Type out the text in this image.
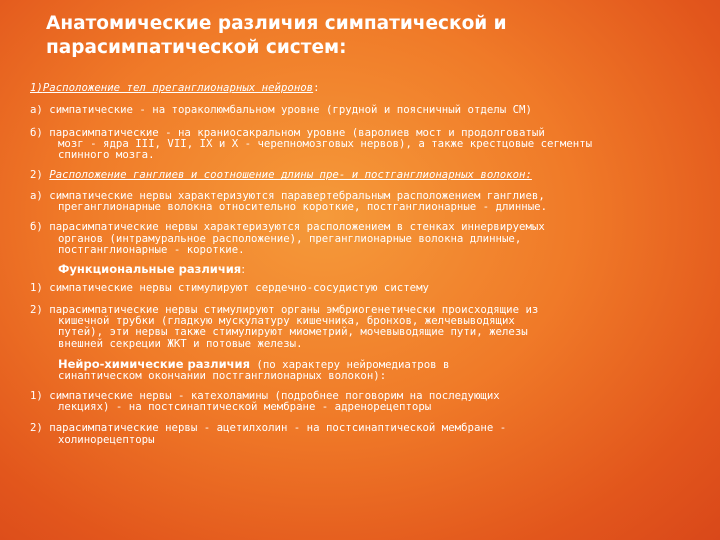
Анатомические различия симпатической и
парасимпатической систем:
1)Расположение тел преганглионарных нейронов:
а) симпатические - на тораколюмбальном уровне (грудной и поясничный отделы СМ)
б) парасимпатические - на краниосакральном уровне (варолиев мост и продолговатый
мозг - ядра III, VII, IX и X - черепномозговых нервов), а также крестцовые сегменты
спинного мозга.
2) Расположение ганглиев и соотношение длины пре- и постганглионарных волокон:
а) симпатические нервы характеризуются паравертебральным расположением ганглиев,
преганглионарные волокна относительно короткие, постганглионарные - длинные.
б) парасимпатические нервы характеризуются расположением в стенках иннервируемых
органов (интрамуральное расположение), преганглионарные волокна длинные,
постганглионарные - короткие.
Функциональные различия:
1) симпатические нервы стимулируют сердечно-сосудистую систему
2) парасимпатические нервы стимулируют органы эмбриогенетически происходящие из
кишечной трубки (гладкую мускулатуру кишечника, бронхов, желчевыводящих
путей), эти нервы также стимулируют миометрий, мочевыводящие пути, железы
внешней секреции ЖКТ и потовые железы.
Нейро-химические различия (по характеру нейромедиатров в
синаптическом окончании постганглионарных волокон):
1) симпатические нервы - катехоламины (подробнее поговорим на последующих
лекциях) - на постсинаптической мембране - адренорецепторы
2) парасимпатические нервы - ацетилхолин - на постсинаптической мембране -
холинорецепторы
